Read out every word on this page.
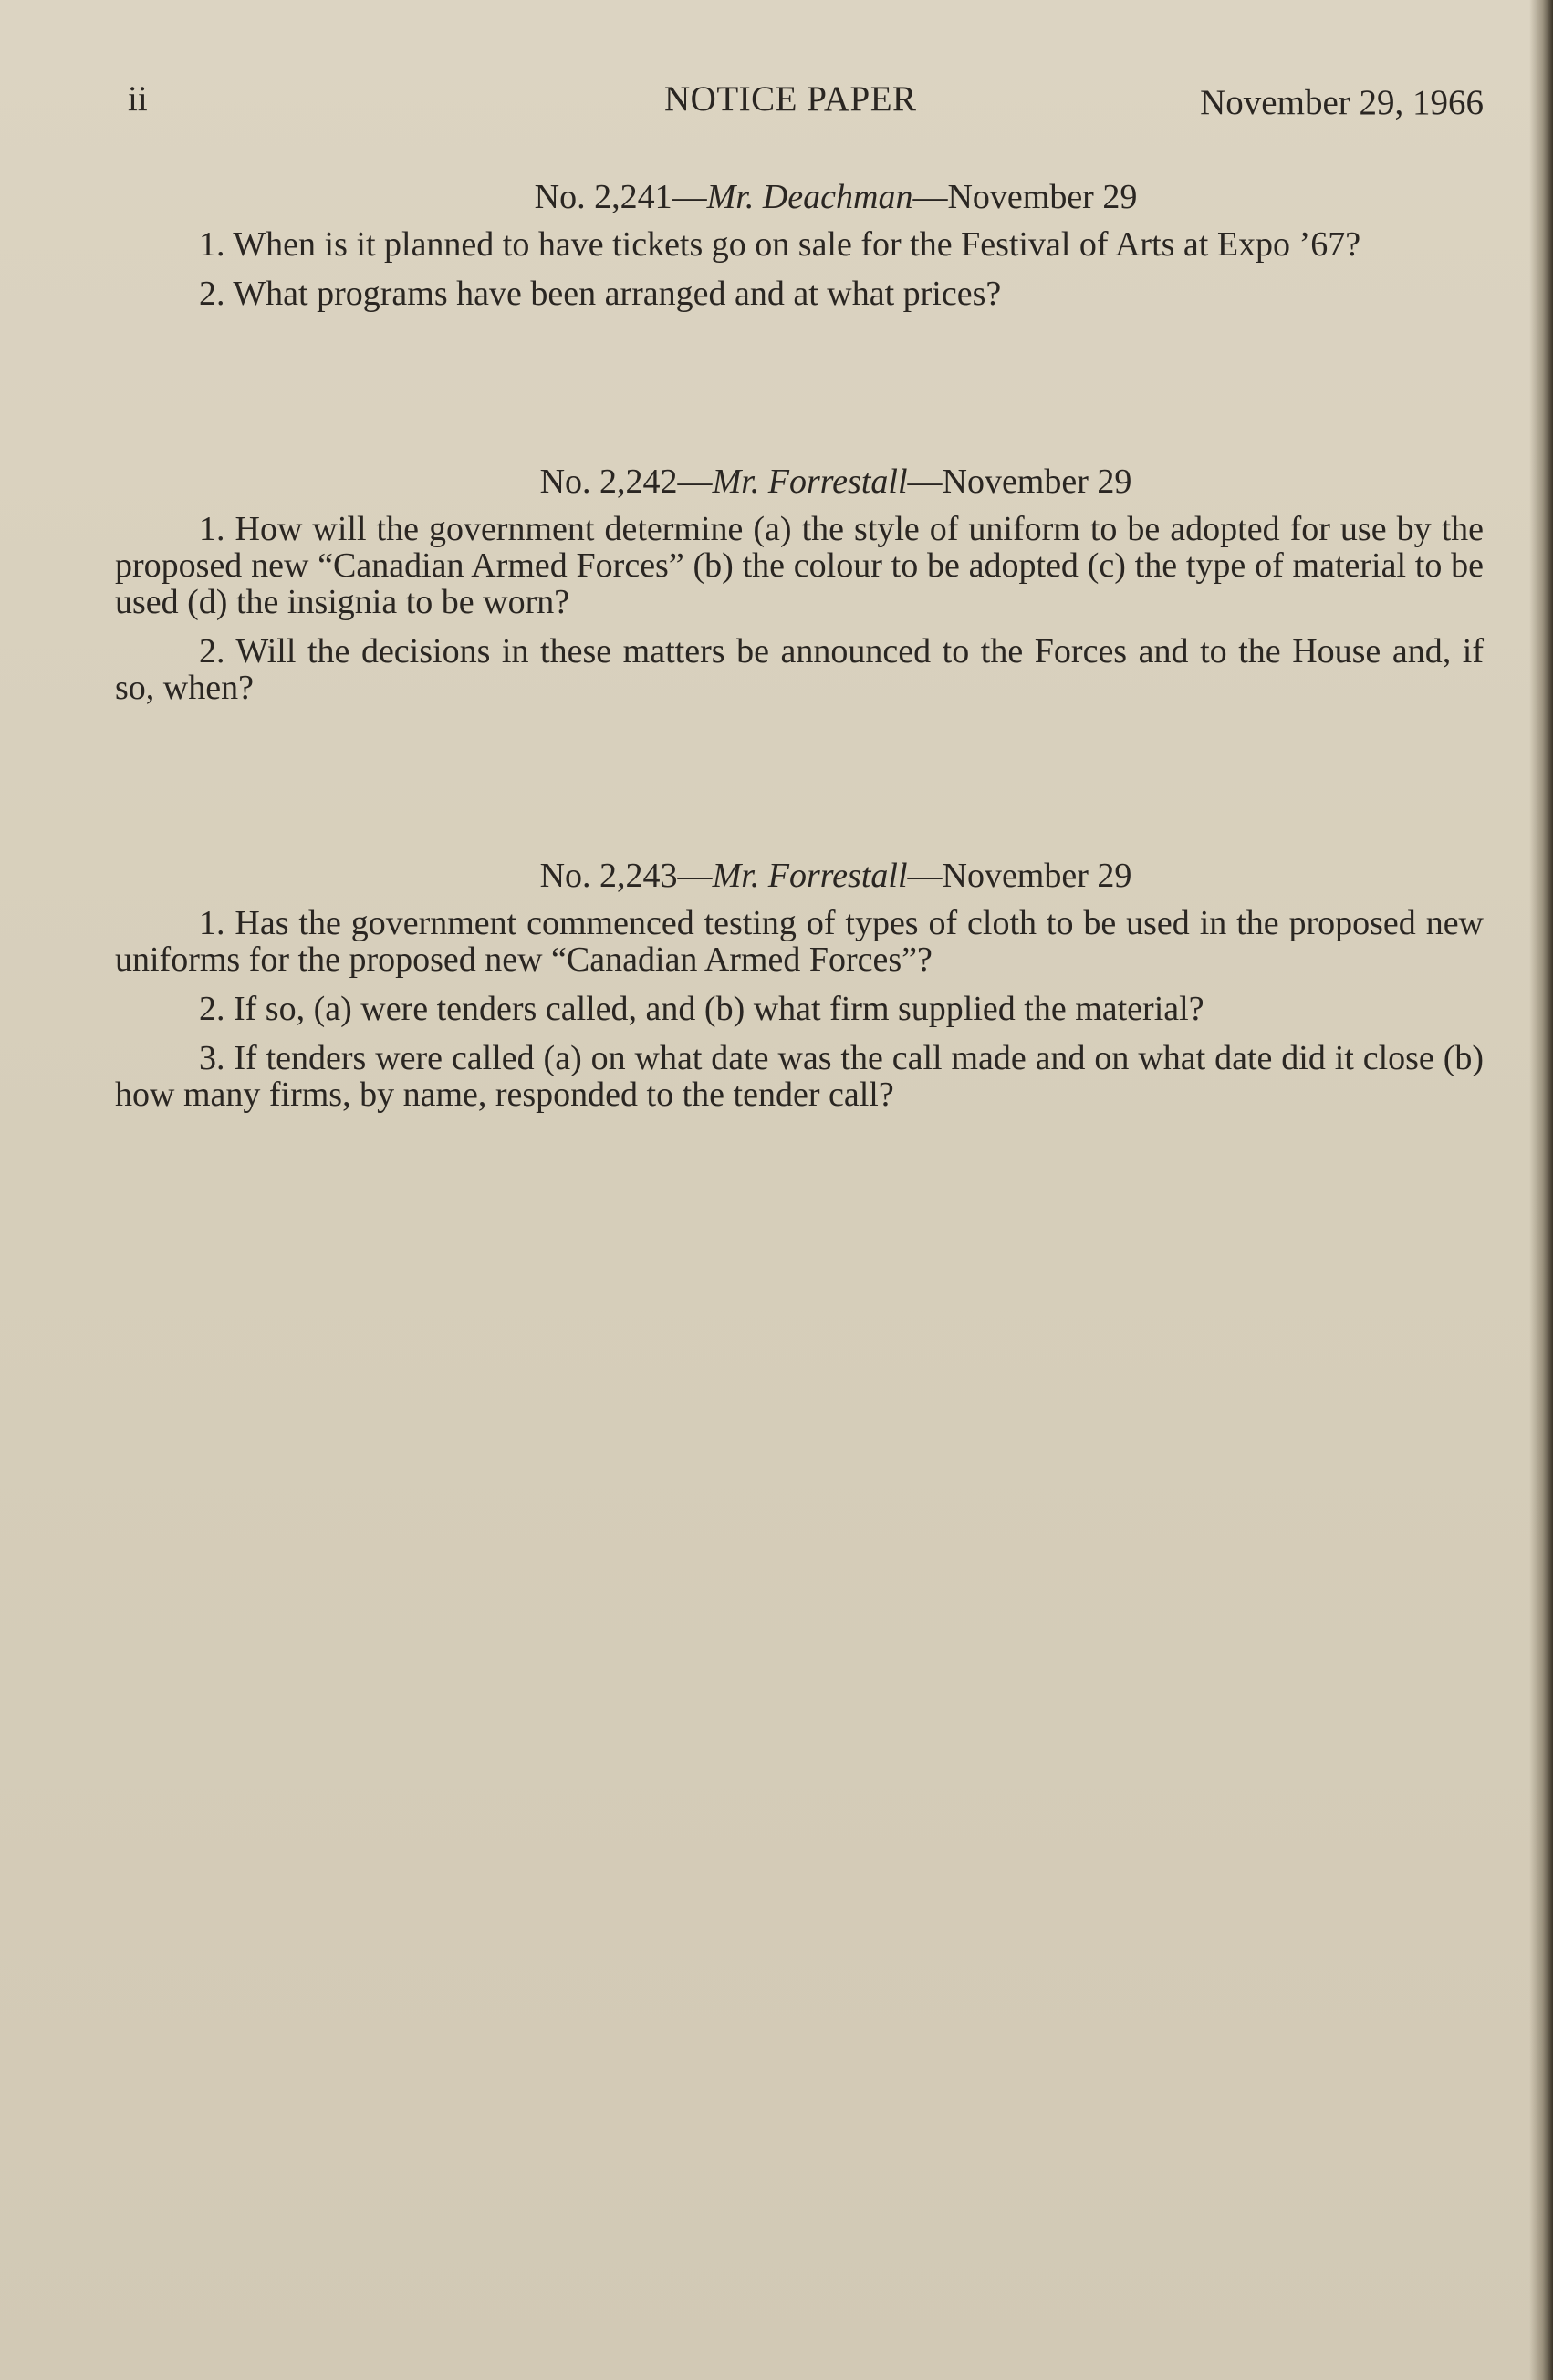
ii	NOTICE PAPER	November 29, 1966
No. 2,241—Mr. Deachman—November 29

1. When is it planned to have tickets go on sale for the Festival of Arts at Expo ’67?

2. What programs have been arranged and at what prices?

No. 2,242—Mr. Forrestall—November 29

1. How will the government determine (a) the style of uniform to be adopted for use by the proposed new “Canadian Armed Forces” (b) the colour to be adopted (c) the type of material to be used (d) the insignia to be worn?

2. Will the decisions in these matters be announced to the Forces and to the House and, if so, when?

No. 2,243—Mr. Forrestall—November 29

1. Has the government commenced testing of types of cloth to be used in the proposed new uniforms for the proposed new “Canadian Armed Forces”?

2. If so, (a) were tenders called, and (b) what firm supplied the material?

3. If tenders were called (a) on what date was the call made and on what date did it close (b) how many firms, by name, responded to the tender call?
